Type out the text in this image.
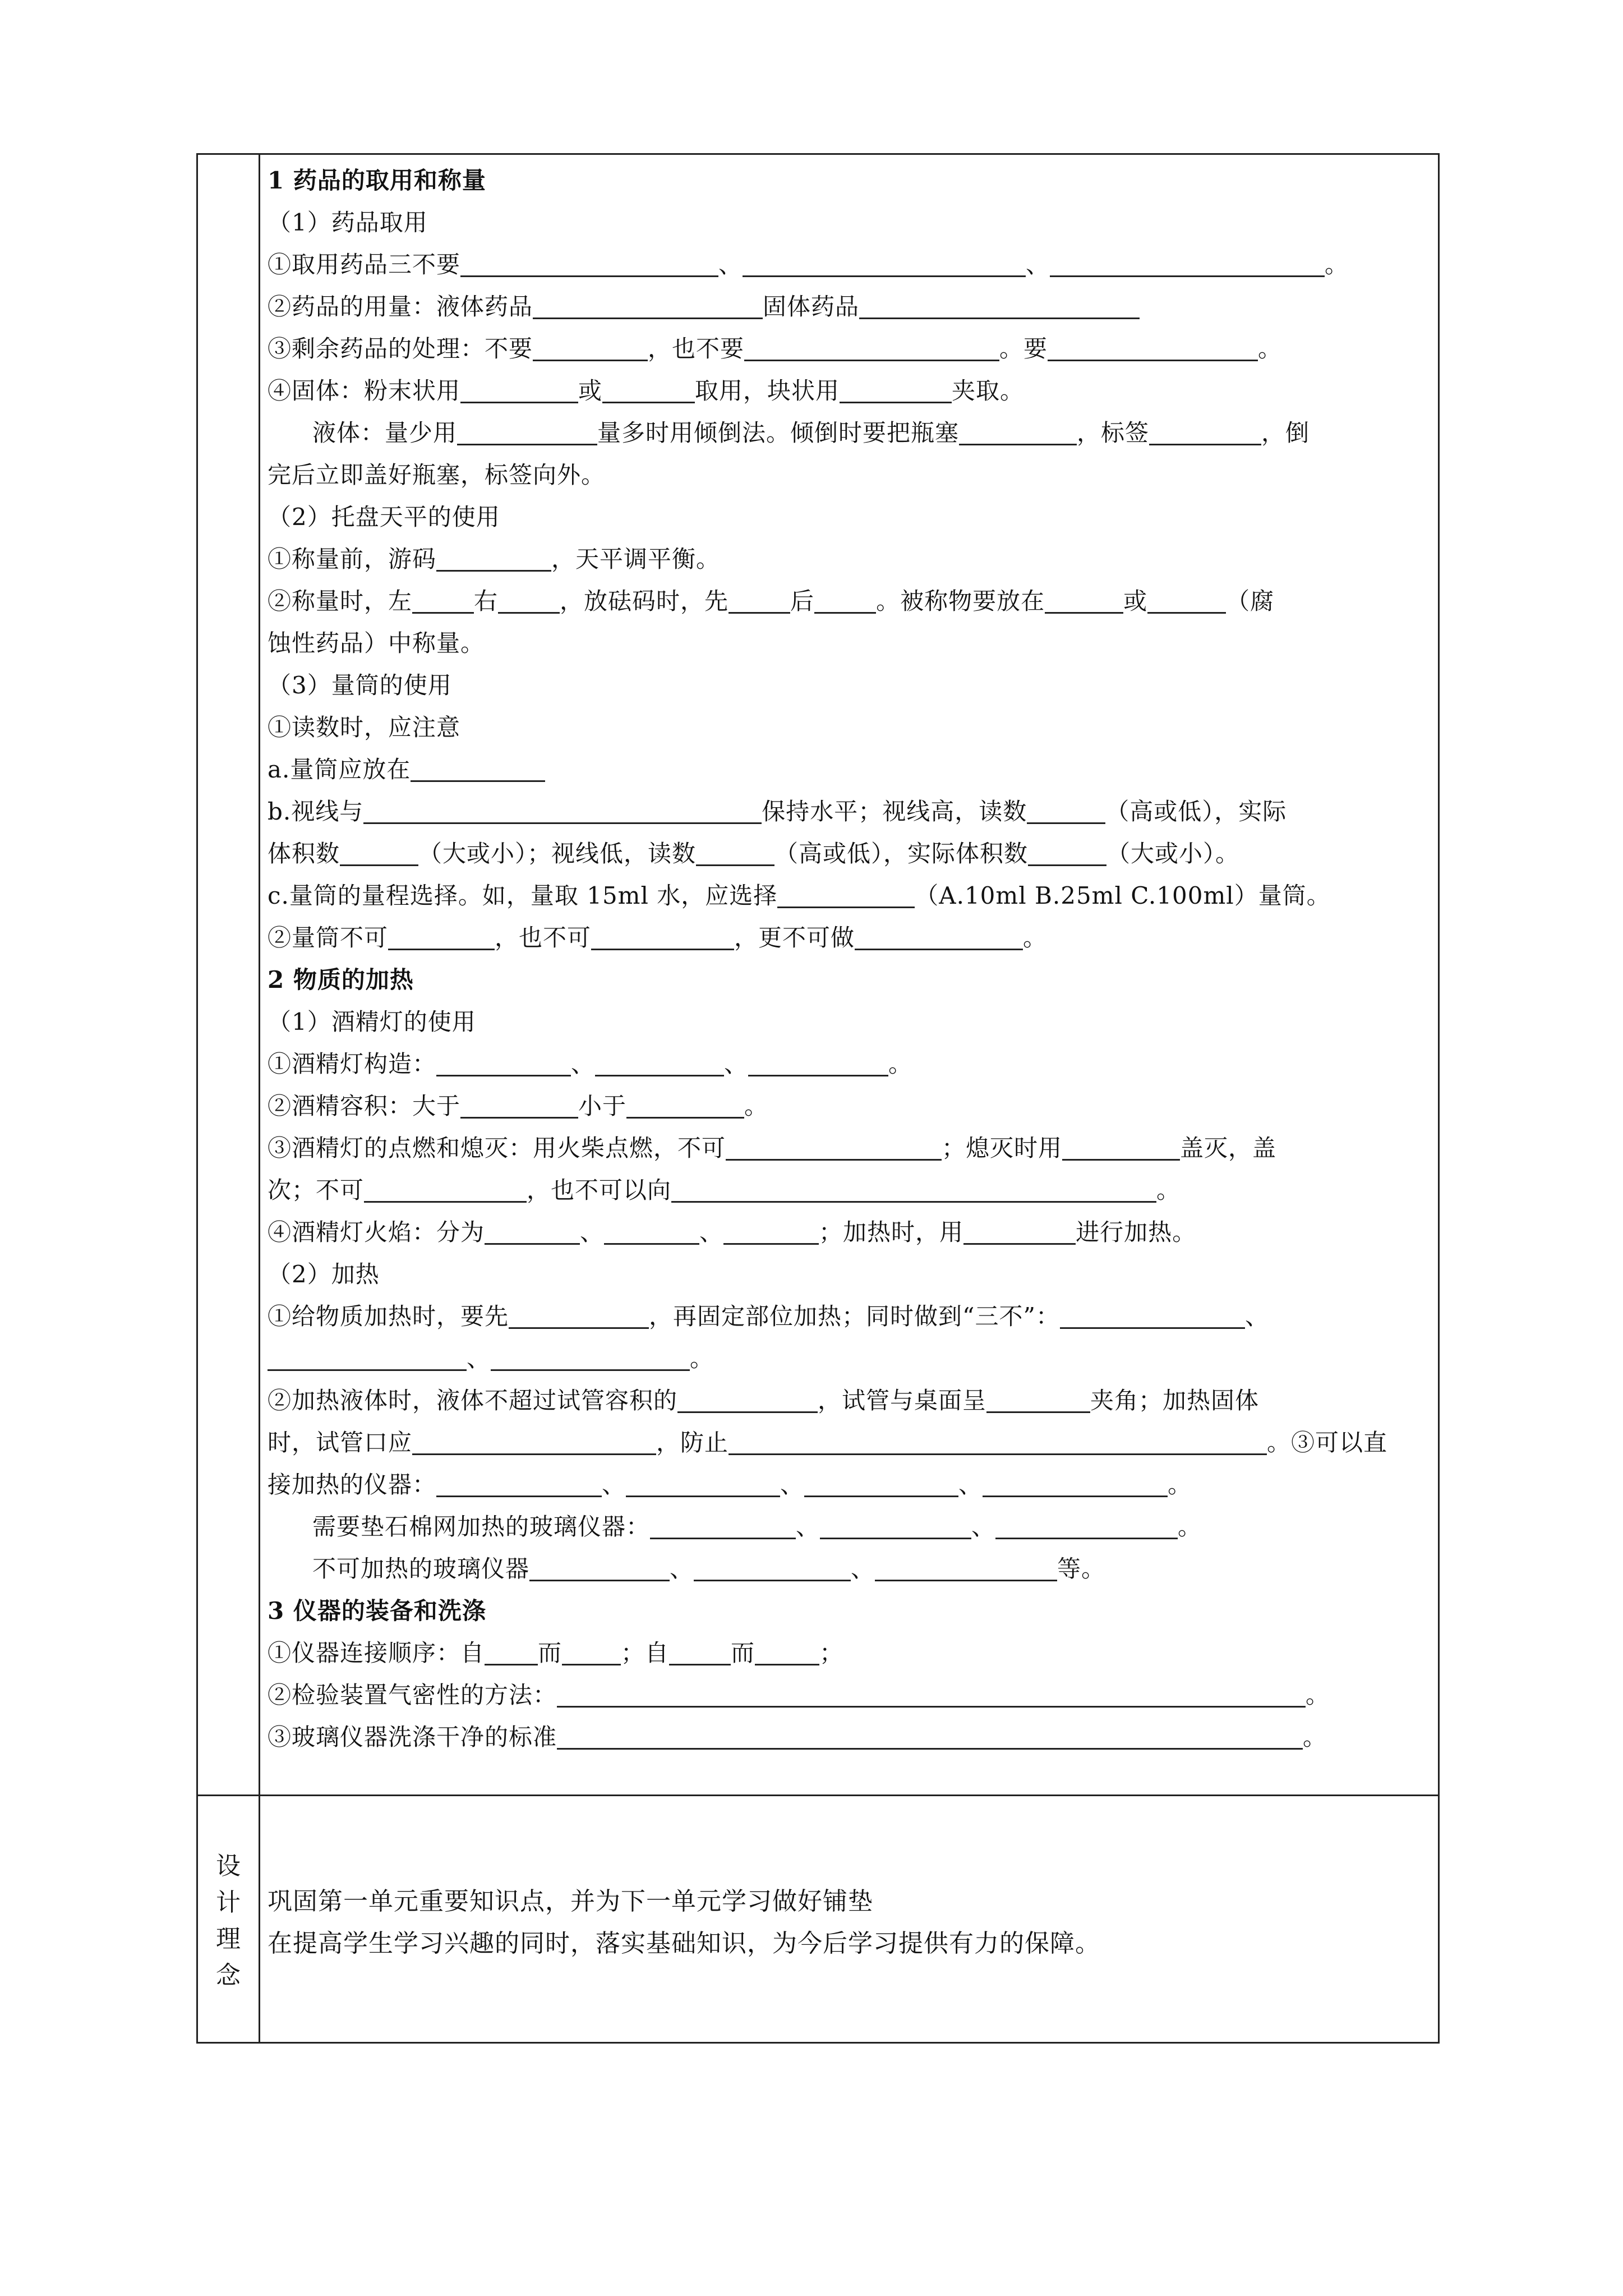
1 药品的取用和称量
（1）药品取用
①取用药品三不要	、	、	。
②药品的用量：液体药品	固体药品
③剩余药品的处理：不要	，也不要	。要	。
④固体：粉末状用	或	取用，块状用	夹取。
液体：量少用	量多时用倾倒法。倾倒时要把瓶塞	，标签	，倒
完后立即盖好瓶塞，标签向外。
（2）托盘天平的使用
①称量前，游码	，天平调平衡。
②称量时，左	右	，放砝码时，先	后	。被称物要放在	或	（腐
蚀性药品）中称量。
（3）量筒的使用
①读数时，应注意
a.量筒应放在
b.视线与	保持水平；视线高，读数	（高或低），实际
体积数	（大或小）；视线低，读数	（高或低），实际体积数	（大或小）。
c.量筒的量程选择。如，量取 15ml 水，应选择	（A.10ml B.25ml C.100ml）量筒。
②量筒不可	，也不可	，更不可做	。
2 物质的加热
（1）酒精灯的使用
①酒精灯构造：	、	、	。
②酒精容积：大于	小于	。
③酒精灯的点燃和熄灭：用火柴点燃，不可	；熄灭时用	盖灭，盖
次；不可	，也不可以向	。
④酒精灯火焰：分为	、	、	；加热时，用	进行加热。
（2）加热
①给物质加热时，要先	，再固定部位加热；同时做到“三不”：	、
、	。
②加热液体时，液体不超过试管容积的	，试管与桌面呈	夹角；加热固体
时，试管口应	，防止	。③可以直
接加热的仪器：	、	、	、	。
需要垫石棉网加热的玻璃仪器：	、	、	。
不可加热的玻璃仪器	、	、	等。
3 仪器的装备和洗涤
①仪器连接顺序：自 而	；自	而	；
②检验装置气密性的方法：	。
③玻璃仪器洗涤干净的标准	。
设
计
理
念
巩固第一单元重要知识点，并为下一单元学习做好铺垫
在提高学生学习兴趣的同时，落实基础知识，为今后学习提供有力的保障。
